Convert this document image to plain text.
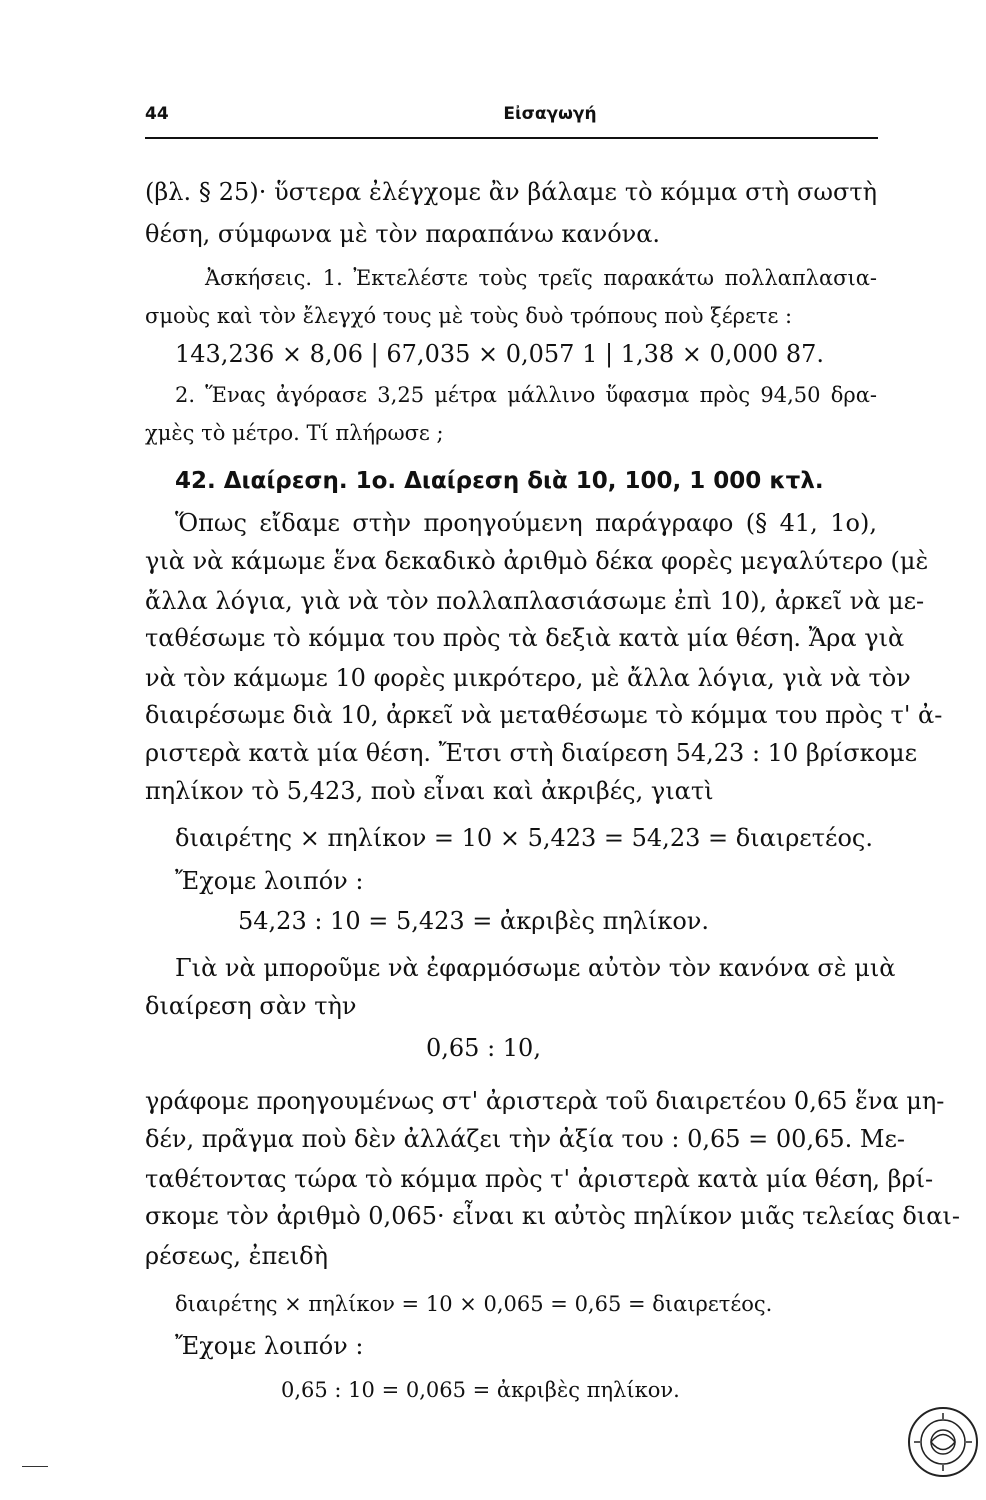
44	Εἰσαγωγή
(βλ. § 25)· ὕστερα ἐλέγχομε ἂν βάλαμε τὸ κόμμα στὴ σωστὴ
θέση, σύμφωνα μὲ τὸν παραπάνω κανόνα.
Ἀσκήσεις. 1. Ἐκτελέστε τοὺς τρεῖς παρακάτω πολλαπλασια-
σμοὺς καὶ τὸν ἔλεγχό τους μὲ τοὺς δυὸ τρόπους ποὺ ξέρετε :
143,236 × 8,06 | 67,035 × 0,057 1 | 1,38 × 0,000 87.
2. Ἕνας ἀγόρασε 3,25 μέτρα μάλλινο ὕφασμα πρὸς 94,50 δρα-
χμὲς τὸ μέτρο. Τί πλήρωσε ;
42. Διαίρεση. 1ο. Διαίρεση διὰ 10, 100, 1 000 κτλ.
Ὅπως εἴδαμε στὴν προηγούμενη παράγραφο (§ 41, 1ο),
γιὰ νὰ κάμωμε ἕνα δεκαδικὸ ἀριθμὸ δέκα φορὲς μεγαλύτερο (μὲ
ἄλλα λόγια, γιὰ νὰ τὸν πολλαπλασιάσωμε ἐπὶ 10), ἀρκεῖ νὰ με-
ταθέσωμε τὸ κόμμα του πρὸς τὰ δεξιὰ κατὰ μία θέση. Ἄρα γιὰ
νὰ τὸν κάμωμε 10 φορὲς μικρότερο, μὲ ἄλλα λόγια, γιὰ νὰ τὸν
διαιρέσωμε διὰ 10, ἀρκεῖ νὰ μεταθέσωμε τὸ κόμμα του πρὸς τ' ἀ-
ριστερὰ κατὰ μία θέση. Ἔτσι στὴ διαίρεση 54,23 : 10 βρίσκομε
πηλίκον τὸ 5,423, ποὺ εἶναι καὶ ἀκριβές, γιατὶ
διαιρέτης × πηλίκον = 10 × 5,423 = 54,23 = διαιρετέος.
Ἔχομε λοιπόν :
54,23 : 10 = 5,423 = ἀκριβὲς πηλίκον.
Γιὰ νὰ μποροῦμε νὰ ἐφαρμόσωμε αὐτὸν τὸν κανόνα σὲ μιὰ
διαίρεση σὰν τὴν
0,65 : 10,
γράφομε προηγουμένως στ' ἀριστερὰ τοῦ διαιρετέου 0,65 ἕνα μη-
δέν, πρᾶγμα ποὺ δὲν ἀλλάζει τὴν ἀξία του : 0,65 = 00,65. Με-
ταθέτοντας τώρα τὸ κόμμα πρὸς τ' ἀριστερὰ κατὰ μία θέση, βρί-
σκομε τὸν ἀριθμὸ 0,065· εἶναι κι αὐτὸς πηλίκον μιᾶς τελείας διαι-
ρέσεως, ἐπειδὴ
διαιρέτης × πηλίκον = 10 × 0,065 = 0,65 = διαιρετέος.
Ἔχομε λοιπόν :
0,65 : 10 = 0,065 = ἀκριβὲς πηλίκον.
